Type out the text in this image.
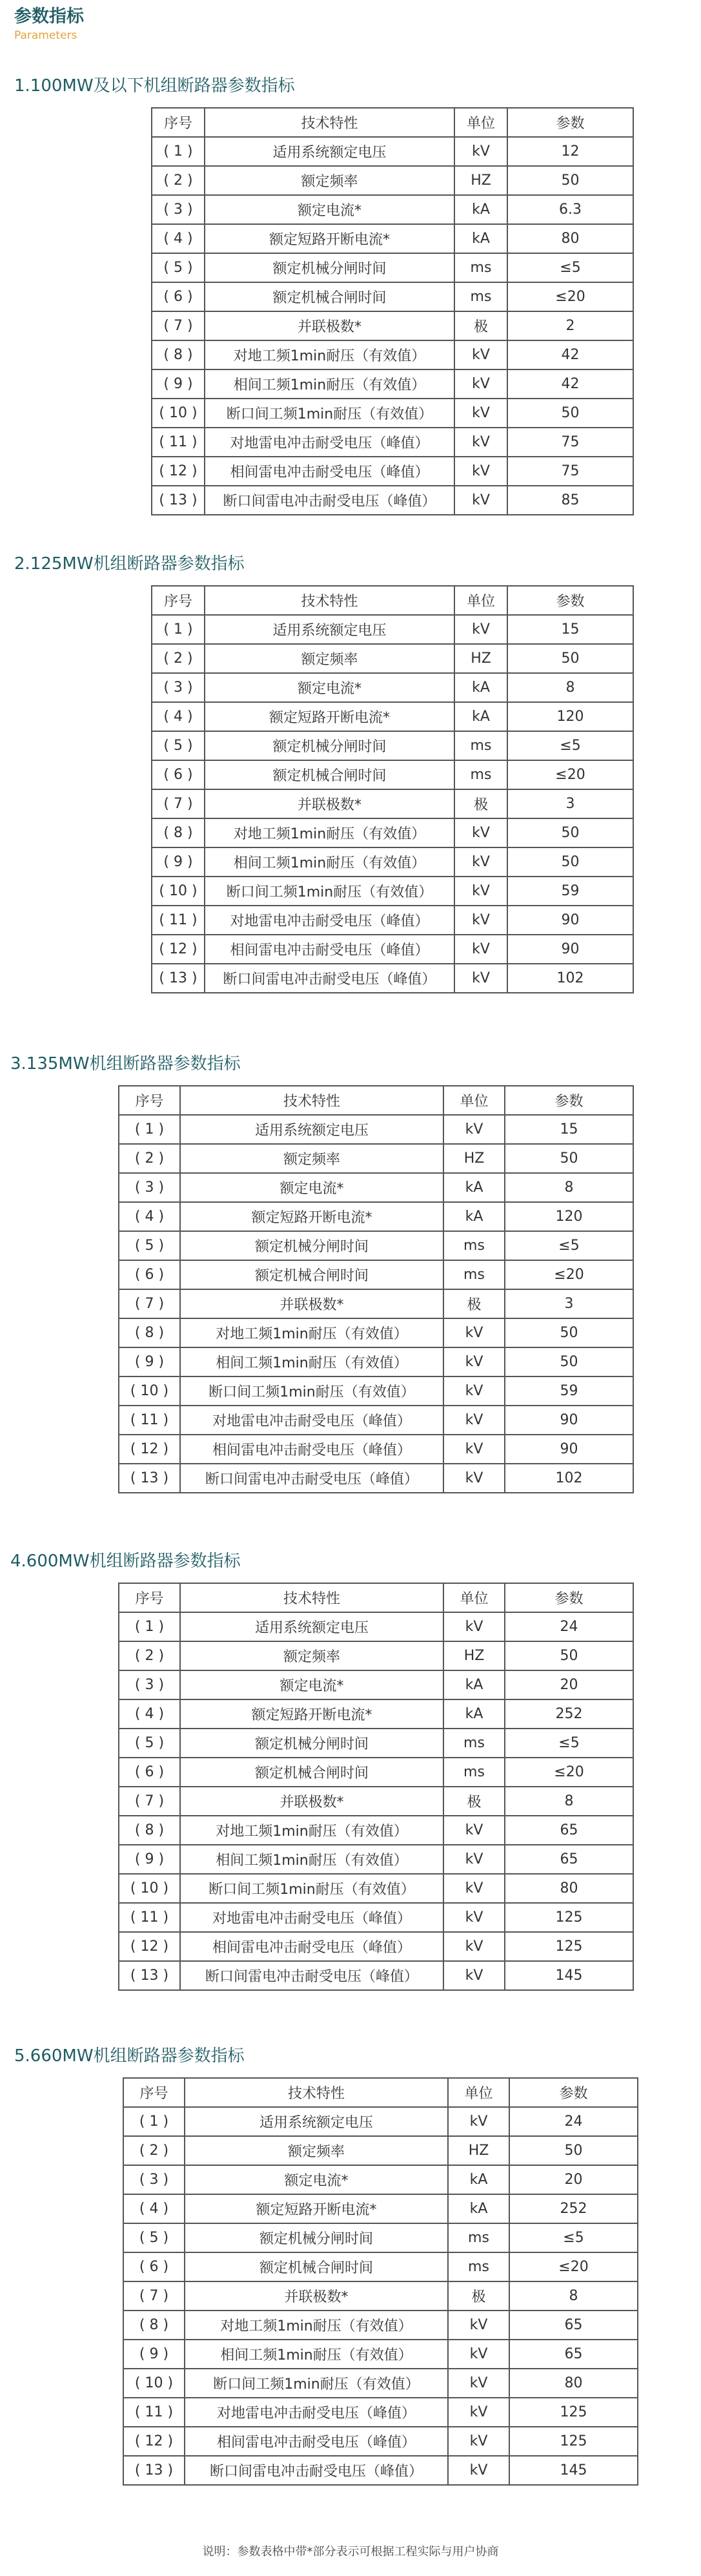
参数指标
Parameters
1.100MW及以下机组断路器参数指标
序号	技术特性	单位	参数
( 1 )	适用系统额定电压	kV	12
( 2 )	额定频率	HZ	50
( 3 )	额定电流*	kA	6.3
( 4 )	额定短路开断电流*	kA	80
( 5 )	额定机械分闸时间	ms	≤5
( 6 )	额定机械合闸时间	ms	≤20
( 7 )	并联极数*	极	2
( 8 )	对地工频1min耐压（有效值）	kV	42
( 9 )	相间工频1min耐压（有效值）	kV	42
( 10 )	断口间工频1min耐压（有效值）	kV	50
( 11 )	对地雷电冲击耐受电压（峰值）	kV	75
( 12 )	相间雷电冲击耐受电压（峰值）	kV	75
( 13 )	断口间雷电冲击耐受电压（峰值）	kV	85
2.125MW机组断路器参数指标
序号	技术特性	单位	参数
( 1 )	适用系统额定电压	kV	15
( 2 )	额定频率	HZ	50
( 3 )	额定电流*	kA	8
( 4 )	额定短路开断电流*	kA	120
( 5 )	额定机械分闸时间	ms	≤5
( 6 )	额定机械合闸时间	ms	≤20
( 7 )	并联极数*	极	3
( 8 )	对地工频1min耐压（有效值）	kV	50
( 9 )	相间工频1min耐压（有效值）	kV	50
( 10 )	断口间工频1min耐压（有效值）	kV	59
( 11 )	对地雷电冲击耐受电压（峰值）	kV	90
( 12 )	相间雷电冲击耐受电压（峰值）	kV	90
( 13 )	断口间雷电冲击耐受电压（峰值）	kV	102
3.135MW机组断路器参数指标
序号	技术特性	单位	参数
( 1 )	适用系统额定电压	kV	15
( 2 )	额定频率	HZ	50
( 3 )	额定电流*	kA	8
( 4 )	额定短路开断电流*	kA	120
( 5 )	额定机械分闸时间	ms	≤5
( 6 )	额定机械合闸时间	ms	≤20
( 7 )	并联极数*	极	3
( 8 )	对地工频1min耐压（有效值）	kV	50
( 9 )	相间工频1min耐压（有效值）	kV	50
( 10 )	断口间工频1min耐压（有效值）	kV	59
( 11 )	对地雷电冲击耐受电压（峰值）	kV	90
( 12 )	相间雷电冲击耐受电压（峰值）	kV	90
( 13 )	断口间雷电冲击耐受电压（峰值）	kV	102
4.600MW机组断路器参数指标
序号	技术特性	单位	参数
( 1 )	适用系统额定电压	kV	24
( 2 )	额定频率	HZ	50
( 3 )	额定电流*	kA	20
( 4 )	额定短路开断电流*	kA	252
( 5 )	额定机械分闸时间	ms	≤5
( 6 )	额定机械合闸时间	ms	≤20
( 7 )	并联极数*	极	8
( 8 )	对地工频1min耐压（有效值）	kV	65
( 9 )	相间工频1min耐压（有效值）	kV	65
( 10 )	断口间工频1min耐压（有效值）	kV	80
( 11 )	对地雷电冲击耐受电压（峰值）	kV	125
( 12 )	相间雷电冲击耐受电压（峰值）	kV	125
( 13 )	断口间雷电冲击耐受电压（峰值）	kV	145
5.660MW机组断路器参数指标
序号	技术特性	单位	参数
( 1 )	适用系统额定电压	kV	24
( 2 )	额定频率	HZ	50
( 3 )	额定电流*	kA	20
( 4 )	额定短路开断电流*	kA	252
( 5 )	额定机械分闸时间	ms	≤5
( 6 )	额定机械合闸时间	ms	≤20
( 7 )	并联极数*	极	8
( 8 )	对地工频1min耐压（有效值）	kV	65
( 9 )	相间工频1min耐压（有效值）	kV	65
( 10 )	断口间工频1min耐压（有效值）	kV	80
( 11 )	对地雷电冲击耐受电压（峰值）	kV	125
( 12 )	相间雷电冲击耐受电压（峰值）	kV	125
( 13 )	断口间雷电冲击耐受电压（峰值）	kV	145
说明：参数表格中带*部分表示可根据工程实际与用户协商
